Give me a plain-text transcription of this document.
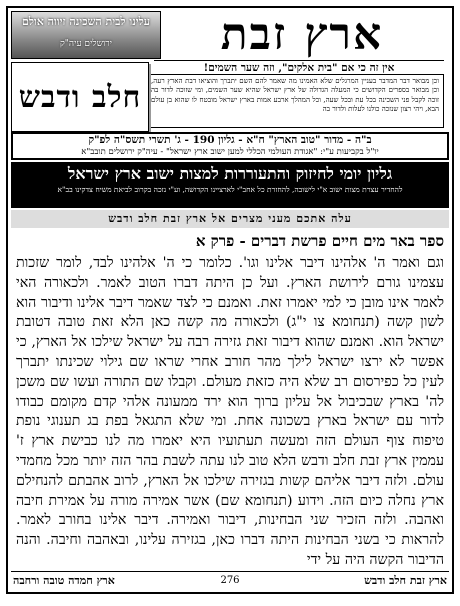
עלינו לבית השכינה זיווה אולם
ירושלים עיה"ק	ארץ זבת
אין זה כי אם "בית אלקים", וזה שער השמים!
וכן מבואר דבר המדבר בעניין המרגלים שלא האמינו מה שאמר להם השם יתברך והוציאו דבת הארץ רעה, וכן מבואר בספרים הקדושים כי המעלה הגדולה של ארץ ישראל שהיא שער השמים, ומי שזוכה לדור בה זוכה לקבל פני השכינה בכל עת ובכל שעה, וכל המהלך ארבע אמות בארץ ישראל מובטח לו שהוא בן עולם הבא, ויהי רצון שנזכה כולנו לעלות ולדור בה
חלב ודבש
ב"ה - מדור "טוב הארץ" ח"א - גליון 190 - ג' תשרי תשס"ה לפ"ק
יו"ל בקביעות ע"י: "אגודת העולמי הכללי למען ישוב ארץ ישראל" - עיה"ק ירושלים תובב"א
גליון יומי לחיזוק והתעוררות למצות ישוב ארץ ישראל
להחדיר עצרת מצות ישוב א"י לישובה, להחזרת כל אחב"י לארציינו הקדושה, וע"י נזכה בקרוב לביאת משיח צדקינו בב"א
עלה אתכם מעני מצרים אל ארץ זבת חלב ודבש
ספר באר מים חיים פרשת דברים - פרק א
וגם ואמר ה' אלהינו דיבר אלינו וגו'. כלומר כי ה' אלהינו לבד, לומר שזכות עצמינו גורם לירושת הארץ. ועל כן היתה דברו הטוב לאמר. ולכאורה האי לאמר אינו מובן כי למי יאמרו זאת. ואמנם כי לצד שאמר דיבר אלינו ודיבור הוא לשון קשה (תנחומא צו י"ג) ולכאורה מה קשה כאן הלא זאת טובה דטובת ישראל הוא. ואמנם שהוא דיבור זאת גזירה רבה על ישראל שילכו אל הארץ, כי אפשר לא ירצו ישראל לילך מהר חורב אחרי שראו שם גילוי שכינתו יתברך לעין כל כפירסום רב שלא היה כזאת מעולם. וקבלו שם התורה ועשו שם משכן לה' בארץ שבכיבול אל עליון ברוך הוא ירד ממעונה אלהי קדם מקומם כבודו לדור עם ישראל בארץ בשכונה אחת. ומי שלא התגאל בפת בג תענוגי נופת טיפוח צוף העולם הזה ומעשה תעתועיו היא יאמרו מה לנו כבישת ארץ ז' עממין ארץ זבת חלב ודבש הלא טוב לנו עתה לשבת בהר הזה יותר מכל מחמדי עולם. ולזה דיבר אליהם קשות בגזירה שילכו אל הארץ, לרוב אהבתם להנחילם ארץ נחלה כיום הזה. וידוע (תנחומא שם) אשר אמירה מורה על אמירת חיבה ואהבה. ולזה הזכיר שני הבחינות, דיבור ואמירה. דיבר אלינו בחורב לאמר. להראות כי בשני הבחינות היתה דברו כאן, בגזירה עלינו, ובאהבה וחיבה. והנה הדיבור הקשה היה על ידי
ארץ זבת חלב ודבש
276
ארץ חמדה טובה ורחבה
